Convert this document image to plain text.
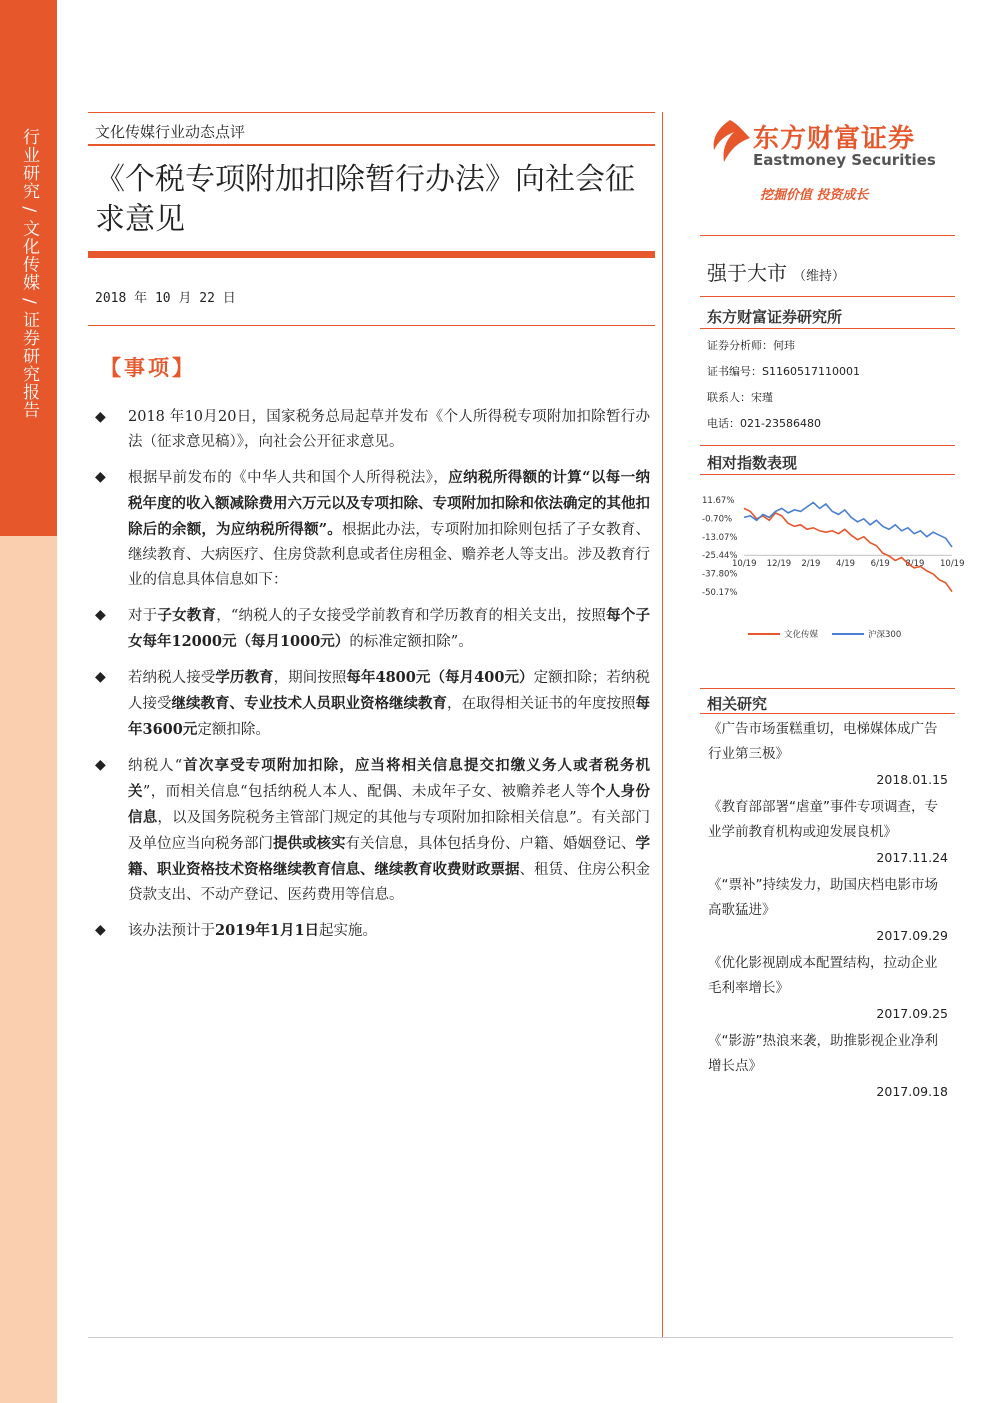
行业研究 / 文化传媒 / 证券研究报告	文化传媒行业动态点评
《个税专项附加扣除暂行办法》向社会征求意见
2018 年 10 月 22 日
【事项】
◆ 2018 年10月20日，国家税务总局起草并发布《个人所得税专项附加扣除暂行办法（征求意见稿）》，向社会公开征求意见。
◆ 根据早前发布的《中华人共和国个人所得税法》，应纳税所得额的计算“以每一纳税年度的收入额减除费用六万元以及专项扣除、专项附加扣除和依法确定的其他扣除后的余额，为应纳税所得额”。根据此办法，专项附加扣除则包括了子女教育、继续教育、大病医疗、住房贷款利息或者住房租金、赡养老人等支出。涉及教育行业的信息具体信息如下：
◆ 对于子女教育，“纳税人的子女接受学前教育和学历教育的相关支出，按照每个子女每年12000元（每月1000元）的标准定额扣除”。
◆ 若纳税人接受学历教育，期间按照每年4800元（每月400元）定额扣除；若纳税人接受继续教育、专业技术人员职业资格继续教育，在取得相关证书的年度按照每年3600元定额扣除。
◆ 纳税人“首次享受专项附加扣除，应当将相关信息提交扣缴义务人或者税务机关”，而相关信息“包括纳税人本人、配偶、未成年子女、被赡养老人等个人身份信息，以及国务院税务主管部门规定的其他与专项附加扣除相关信息”。有关部门及单位应当向税务部门提供或核实有关信息，具体包括身份、户籍、婚姻登记、学籍、职业资格技术资格继续教育信息、继续教育收费财政票据、租赁、住房公积金贷款支出、不动产登记、医药费用等信息。
◆ 该办法预计于2019年1月1日起实施。
东方财富证券
Eastmoney Securities
挖掘价值 投资成长
强于大市 （维持）
东方财富证券研究所
证券分析师：何玮
证书编号：S1160517110001
联系人：宋瑾
电话：021-23586480
相对指数表现
11.67%
-0.70%
-13.07%
-25.44%
-37.80%
-50.17%
10/19 12/19 2/19 4/19 6/19 8/19 10/19
文化传媒	沪深300
相关研究
《广告市场蛋糕重切，电梯媒体成广告行业第三极》
2018.01.15
《教育部部署“虐童”事件专项调查，专业学前教育机构或迎发展良机》
2017.11.24
《“票补”持续发力，助国庆档电影市场高歌猛进》
2017.09.29
《优化影视剧成本配置结构，拉动企业毛利率增长》
2017.09.25
《“影游”热浪来袭，助推影视企业净利增长点》
2017.09.18
